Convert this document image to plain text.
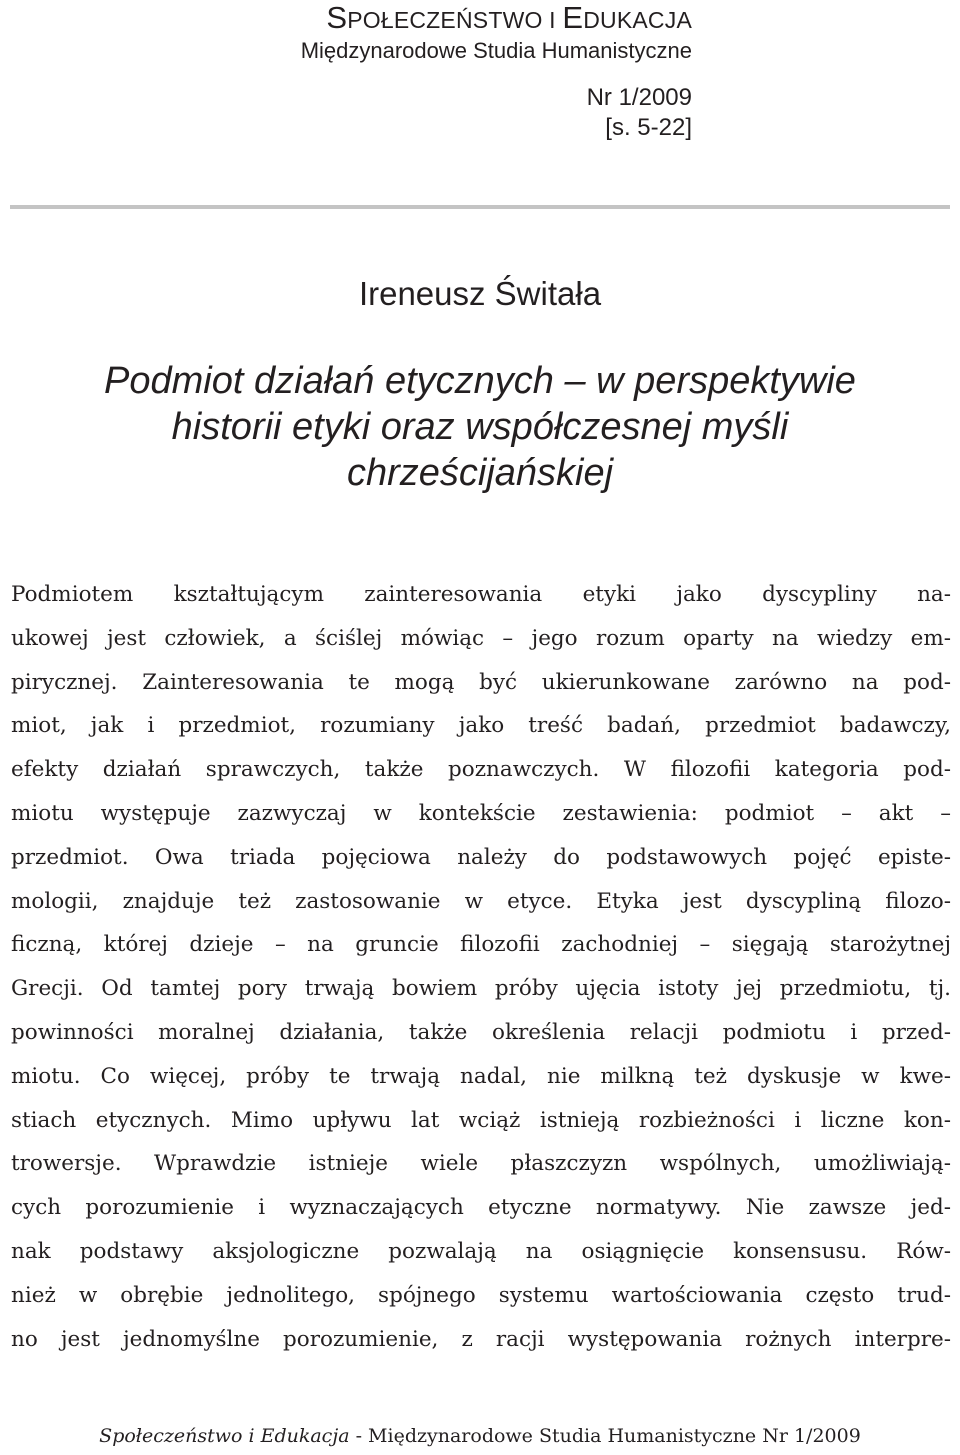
SPOŁECZEŃSTWO I EDUKACJA
Międzynarodowe Studia Humanistyczne
Nr 1/2009
[s. 5-22]
Ireneusz Świtała
Podmiot działań etycznych – w perspektywie
historii etyki oraz współczesnej myśli
chrześcijańskiej
Podmiotem kształtującym zainteresowania etyki jako dyscypliny na-
ukowej jest człowiek, a ściślej mówiąc – jego rozum oparty na wiedzy em-
pirycznej. Zainteresowania te mogą być ukierunkowane zarówno na pod-
miot, jak i przedmiot, rozumiany jako treść badań, przedmiot badawczy,
efekty działań sprawczych, także poznawczych. W filozofii kategoria pod-
miotu występuje zazwyczaj w kontekście zestawienia: podmiot – akt –
przedmiot. Owa triada pojęciowa należy do podstawowych pojęć episte-
mologii, znajduje też zastosowanie w etyce. Etyka jest dyscypliną filozo-
ficzną, której dzieje – na gruncie filozofii zachodniej – sięgają starożytnej
Grecji. Od tamtej pory trwają bowiem próby ujęcia istoty jej przedmiotu, tj.
powinności moralnej działania, także określenia relacji podmiotu i przed-
miotu. Co więcej, próby te trwają nadal, nie milkną też dyskusje w kwe-
stiach etycznych. Mimo upływu lat wciąż istnieją rozbieżności i liczne kon-
trowersje. Wprawdzie istnieje wiele płaszczyzn wspólnych, umożliwiają-
cych porozumienie i wyznaczających etyczne normatywy. Nie zawsze jed-
nak podstawy aksjologiczne pozwalają na osiągnięcie konsensusu. Rów-
nież w obrębie jednolitego, spójnego systemu wartościowania często trud-
no jest jednomyślne porozumienie, z racji występowania rożnych interpre-
Społeczeństwo i Edukacja - Międzynarodowe Studia Humanistyczne Nr 1/2009
